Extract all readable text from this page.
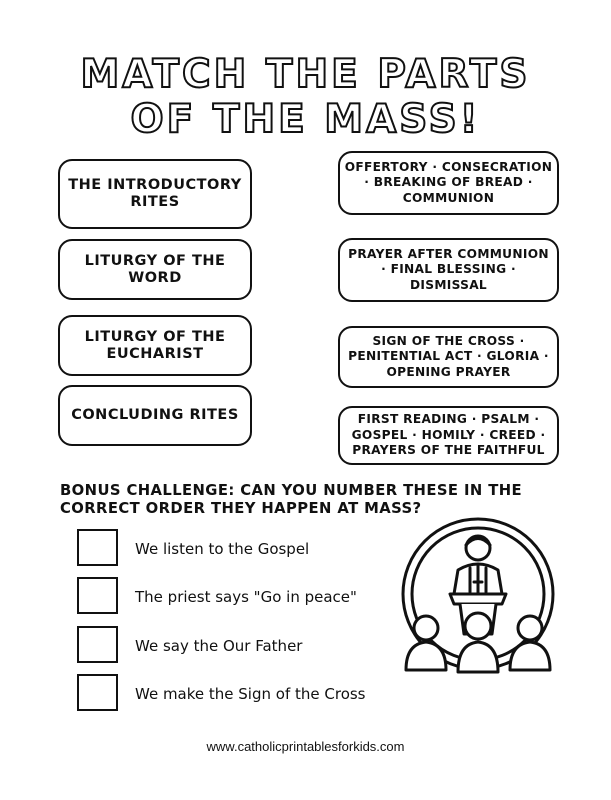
MATCH THE PARTS
OF THE MASS!
THE INTRODUCTORY RITES
LITURGY OF THE WORD
LITURGY OF THE EUCHARIST
CONCLUDING RITES
OFFERTORY · CONSECRATION · BREAKING OF BREAD · COMMUNION
PRAYER AFTER COMMUNION · FINAL BLESSING · DISMISSAL
SIGN OF THE CROSS · PENITENTIAL ACT · GLORIA · OPENING PRAYER
FIRST READING · PSALM · GOSPEL · HOMILY · CREED · PRAYERS OF THE FAITHFUL
BONUS CHALLENGE: CAN YOU NUMBER THESE IN THE CORRECT ORDER THEY HAPPEN AT MASS?
We listen to the Gospel
The priest says "Go in peace"
We say the Our Father
We make the Sign of the Cross
www.catholicprintablesforkids.com
